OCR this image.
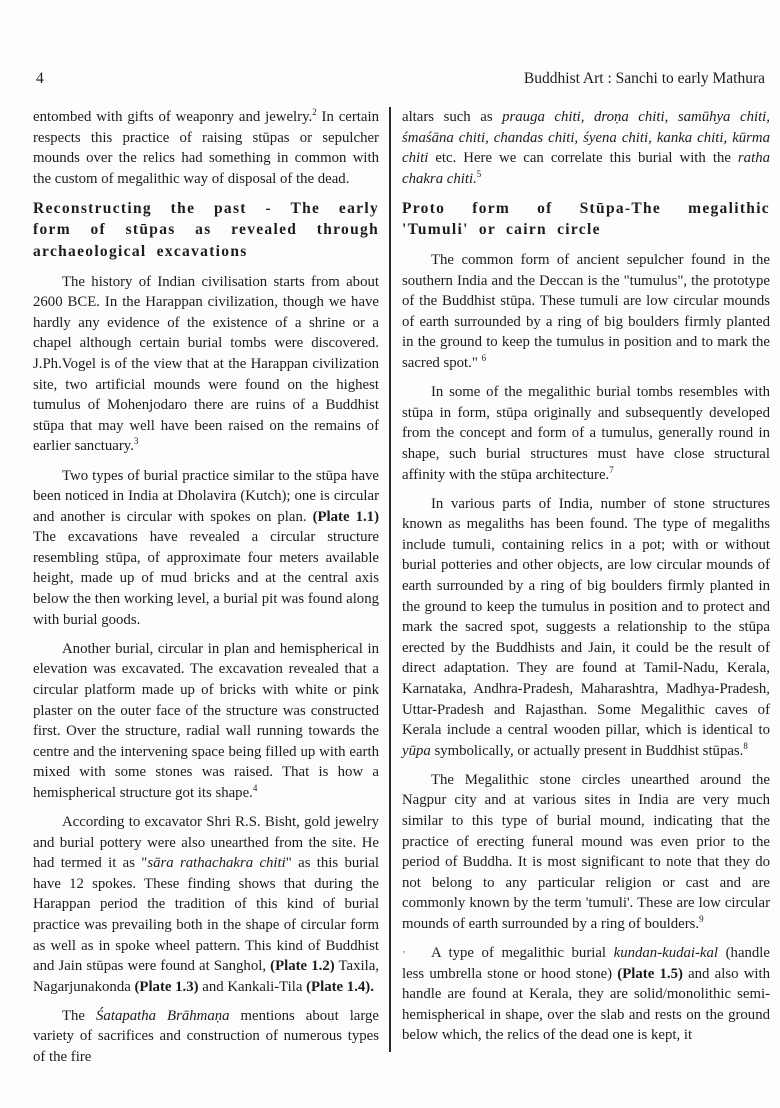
4	Buddhist Art : Sanchi to early Mathura

entombed with gifts of weaponry and jewelry.$^2$ In certain respects this practice of raising stūpas or sepulcher mounds over the relics had something in common with the custom of megalithic way of disposal of the dead.

Reconstructing the past - The early form of stūpas as revealed through archaeological excavations

The history of Indian civilisation starts from about 2600 BCE. In the Harappan civilization, though we have hardly any evidence of the existence of a shrine or a chapel although certain burial tombs were discovered. J.Ph.Vogel is of the view that at the Harappan civilization site, two artificial mounds were found on the highest tumulus of Mohenjodaro there are ruins of a Buddhist stūpa that may well have been raised on the remains of earlier sanctuary.$^3$

Two types of burial practice similar to the stūpa have been noticed in India at Dholavira (Kutch); one is circular and another is circular with spokes on plan. (Plate 1.1) The excavations have revealed a circular structure resembling stūpa, of approximate four meters available height, made up of mud bricks and at the central axis below the then working level, a burial pit was found along with burial goods.

Another burial, circular in plan and hemispherical in elevation was excavated. The excavation revealed that a circular platform made up of bricks with white or pink plaster on the outer face of the structure was constructed first. Over the structure, radial wall running towards the centre and the intervening space being filled up with earth mixed with some stones was raised. That is how a hemispherical structure got its shape.$^4$

According to excavator Shri R.S. Bisht, gold jewelry and burial pottery were also unearthed from the site. He had termed it as "sāra rathachakra chiti" as this burial have 12 spokes. These finding shows that during the Harappan period the tradition of this kind of burial practice was prevailing both in the shape of circular form as well as in spoke wheel pattern. This kind of Buddhist and Jain stūpas were found at Sanghol, (Plate 1.2) Taxila, Nagarjunakonda (Plate 1.3) and Kankali-Tila (Plate 1.4).

The Śatapatha Brāhmaṇa mentions about large variety of sacrifices and construction of numerous types of the fire

altars such as prauga chiti, droṇa chiti, samūhya chiti, śmaśāna chiti, chandas chiti, śyena chiti, kanka chiti, kūrma chiti etc. Here we can correlate this burial with the ratha chakra chiti.$^5$

Proto form of Stūpa-The megalithic 'Tumuli' or cairn circle

The common form of ancient sepulcher found in the southern India and the Deccan is the "tumulus", the prototype of the Buddhist stūpa. These tumuli are low circular mounds of earth surrounded by a ring of big boulders firmly planted in the ground to keep the tumulus in position and to mark the sacred spot." $^6$

In some of the megalithic burial tombs resembles with stūpa in form, stūpa originally and subsequently developed from the concept and form of a tumulus, generally round in shape, such burial structures must have close structural affinity with the stūpa architecture.$^7$

In various parts of India, number of stone structures known as megaliths has been found. The type of megaliths include tumuli, containing relics in a pot; with or without burial potteries and other objects, are low circular mounds of earth surrounded by a ring of big boulders firmly planted in the ground to keep the tumulus in position and to protect and mark the sacred spot, suggests a relationship to the stūpa erected by the Buddhists and Jain, it could be the result of direct adaptation. They are found at Tamil-Nadu, Kerala, Karnataka, Andhra-Pradesh, Maharashtra, Madhya-Pradesh, Uttar-Pradesh and Rajasthan. Some Megalithic caves of Kerala include a central wooden pillar, which is identical to yūpa symbolically, or actually present in Buddhist stūpas.$^8$

The Megalithic stone circles unearthed around the Nagpur city and at various sites in India are very much similar to this type of burial mound, indicating that the practice of erecting funeral mound was even prior to the period of Buddha. It is most significant to note that they do not belong to any particular religion or cast and are commonly known by the term 'tumuli'. These are low circular mounds of earth surrounded by a ring of boulders.$^9$

' A type of megalithic burial kundan-kudai-kal (handle less umbrella stone or hood stone) (Plate 1.5) and also with handle are found at Kerala, they are solid/monolithic semi-hemispherical in shape, over the slab and rests on the ground below which, the relics of the dead one is kept, it
